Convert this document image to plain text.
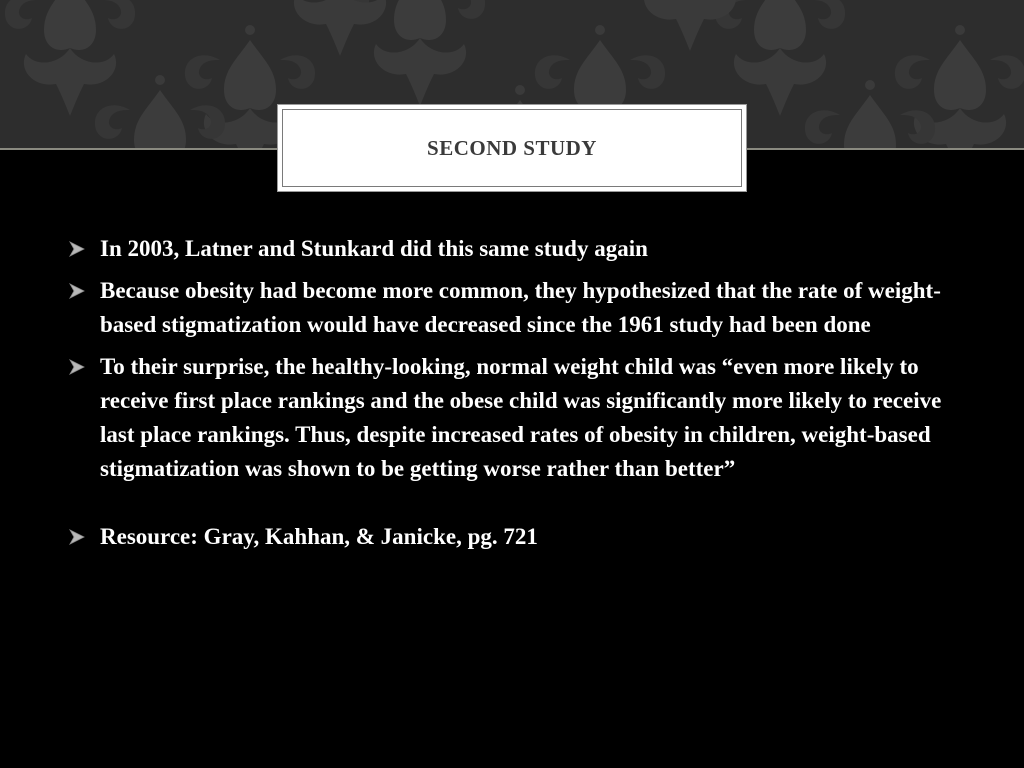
SECOND STUDY
In 2003, Latner and Stunkard did this same study again
Because obesity had become more common, they hypothesized that the rate of weight-based stigmatization would have decreased since the 1961 study had been done
To their surprise, the healthy-looking, normal weight child was “even more likely to receive first place rankings and the obese child was significantly more likely to receive last place rankings. Thus, despite increased rates of obesity in children, weight-based stigmatization was shown to be getting worse rather than better”
Resource: Gray, Kahhan, & Janicke, pg. 721
